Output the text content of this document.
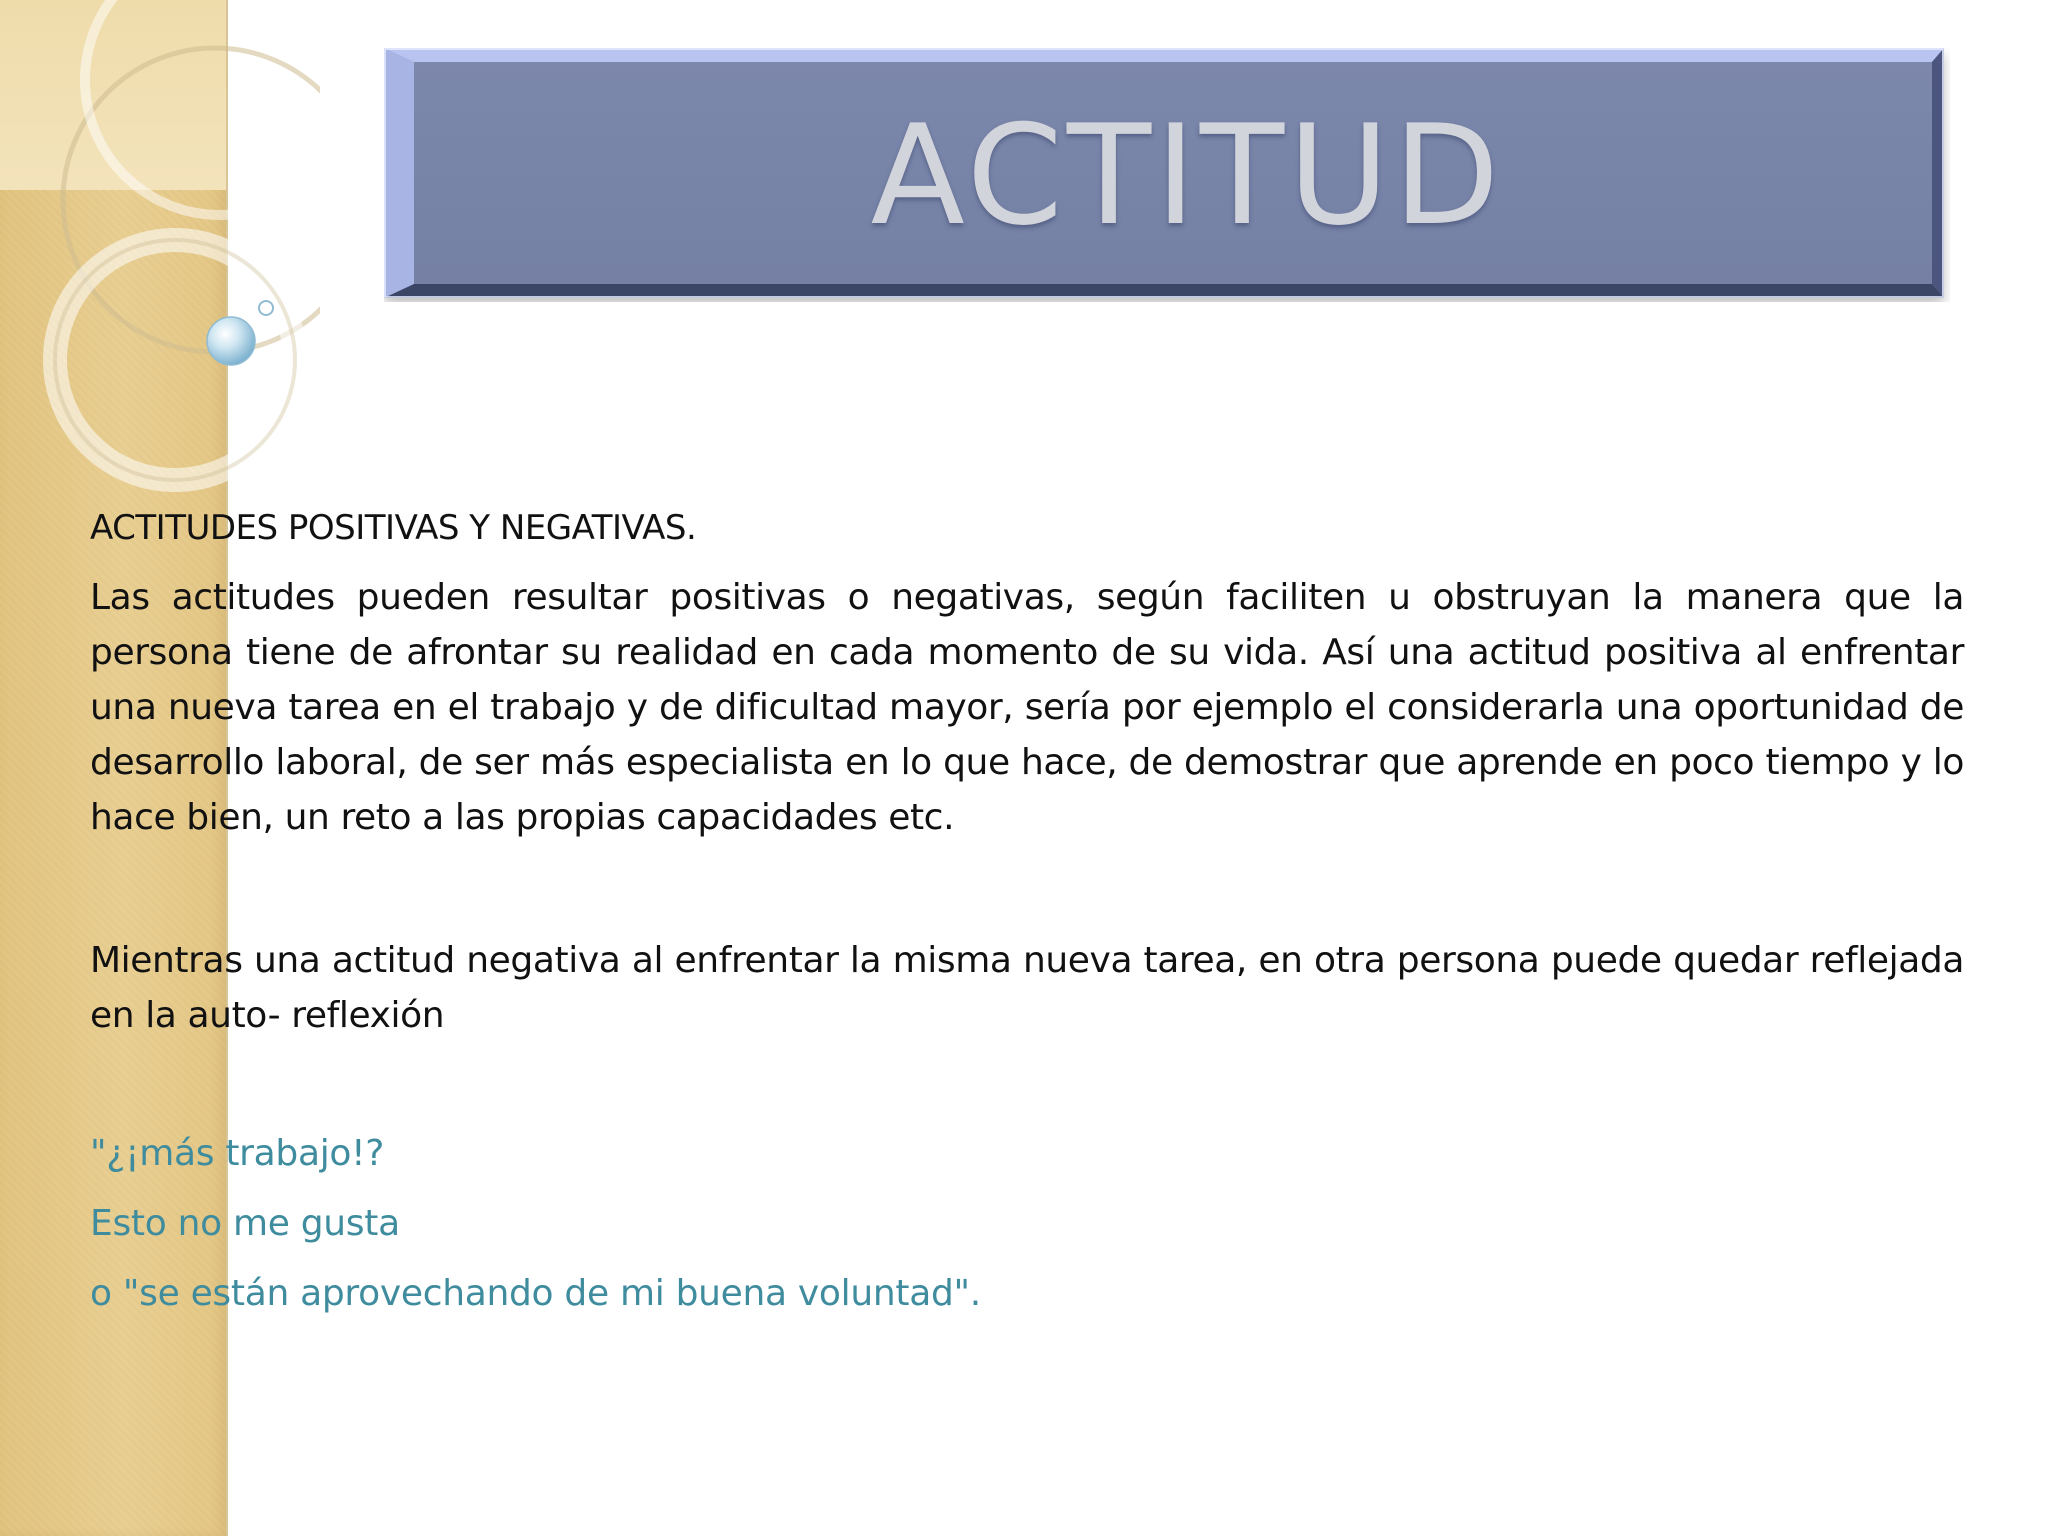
ACTITUD
ACTITUDES POSITIVAS Y NEGATIVAS.

Las actitudes pueden resultar positivas o negativas, según faciliten u obstruyan la manera que la persona tiene de afrontar su realidad en cada momento de su vida. Así una actitud positiva al enfrentar una nueva tarea en el trabajo y de dificultad mayor, sería por ejemplo el considerarla una oportunidad de desarrollo laboral, de ser más especialista en lo que hace, de demostrar que aprende en poco tiempo y lo hace bien, un reto a las propias capacidades etc.

Mientras una actitud negativa al enfrentar la misma nueva tarea, en otra persona puede quedar reflejada en la auto- reflexión

"¿¡más trabajo!?

Esto no me gusta

o "se están aprovechando de mi buena voluntad".
